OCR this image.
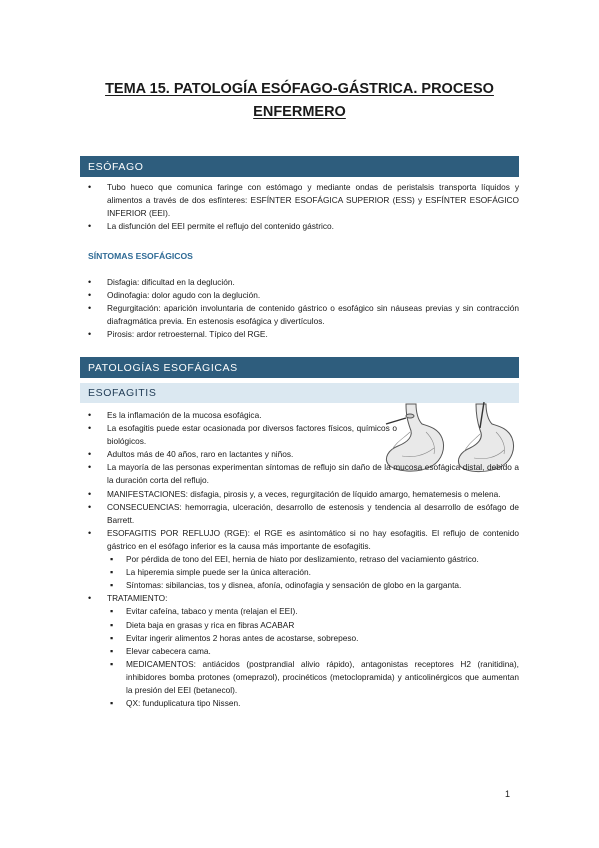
TEMA 15. PATOLOGÍA ESÓFAGO-GÁSTRICA. PROCESO
ENFERMERO
ESÓFAGO
• Tubo hueco que comunica faringe con estómago y mediante ondas de peristalsis transporta líquidos y alimentos a través de dos esfínteres: ESFÍNTER ESOFÁGICA SUPERIOR (ESS) y ESFÍNTER ESOFÁGICO INFERIOR (EEI).
• La disfunción del EEI permite el reflujo del contenido gástrico.
SÍNTOMAS ESOFÁGICOS
• Disfagia: dificultad en la deglución.
• Odinofagia: dolor agudo con la deglución.
• Regurgitación: aparición involuntaria de contenido gástrico o esofágico sin náuseas previas y sin contracción diafragmática previa. En estenosis esofágica y divertículos.
• Pirosis: ardor retroesternal. Típico del RGE.
PATOLOGÍAS ESOFÁGICAS
ESOFAGITIS
• Es la inflamación de la mucosa esofágica.
• La esofagitis puede estar ocasionada por diversos factores físicos, químicos o biológicos.
• Adultos más de 40 años, raro en lactantes y niños.
• La mayoría de las personas experimentan síntomas de reflujo sin daño de la mucosa esofágica distal, debido a la duración corta del reflujo.
• MANIFESTACIONES: disfagia, pirosis y, a veces, regurgitación de líquido amargo, hematemesis o melena.
• CONSECUENCIAS: hemorragia, ulceración, desarrollo de estenosis y tendencia al desarrollo de esófago de Barrett.
• ESOFAGITIS POR REFLUJO (RGE): el RGE es asintomático si no hay esofagitis. El reflujo de contenido gástrico en el esófago inferior es la causa más importante de esofagitis.
▪ Por pérdida de tono del EEI, hernia de hiato por deslizamiento, retraso del vaciamiento gástrico.
▪ La hiperemia simple puede ser la única alteración.
▪ Síntomas: sibilancias, tos y disnea, afonía, odinofagia y sensación de globo en la garganta.
• TRATAMIENTO:
▪ Evitar cafeína, tabaco y menta (relajan el EEI).
▪ Dieta baja en grasas y rica en fibras ACABAR
▪ Evitar ingerir alimentos 2 horas antes de acostarse, sobrepeso.
▪ Elevar cabecera cama.
▪ MEDICAMENTOS: antiácidos (postprandial alivio rápido), antagonistas receptores H2 (ranitidina), inhibidores bomba protones (omeprazol), procinéticos (metoclopramida) y anticolinérgicos que aumentan la presión del EEI (betanecol).
▪ QX: funduplicatura tipo Nissen.
1
